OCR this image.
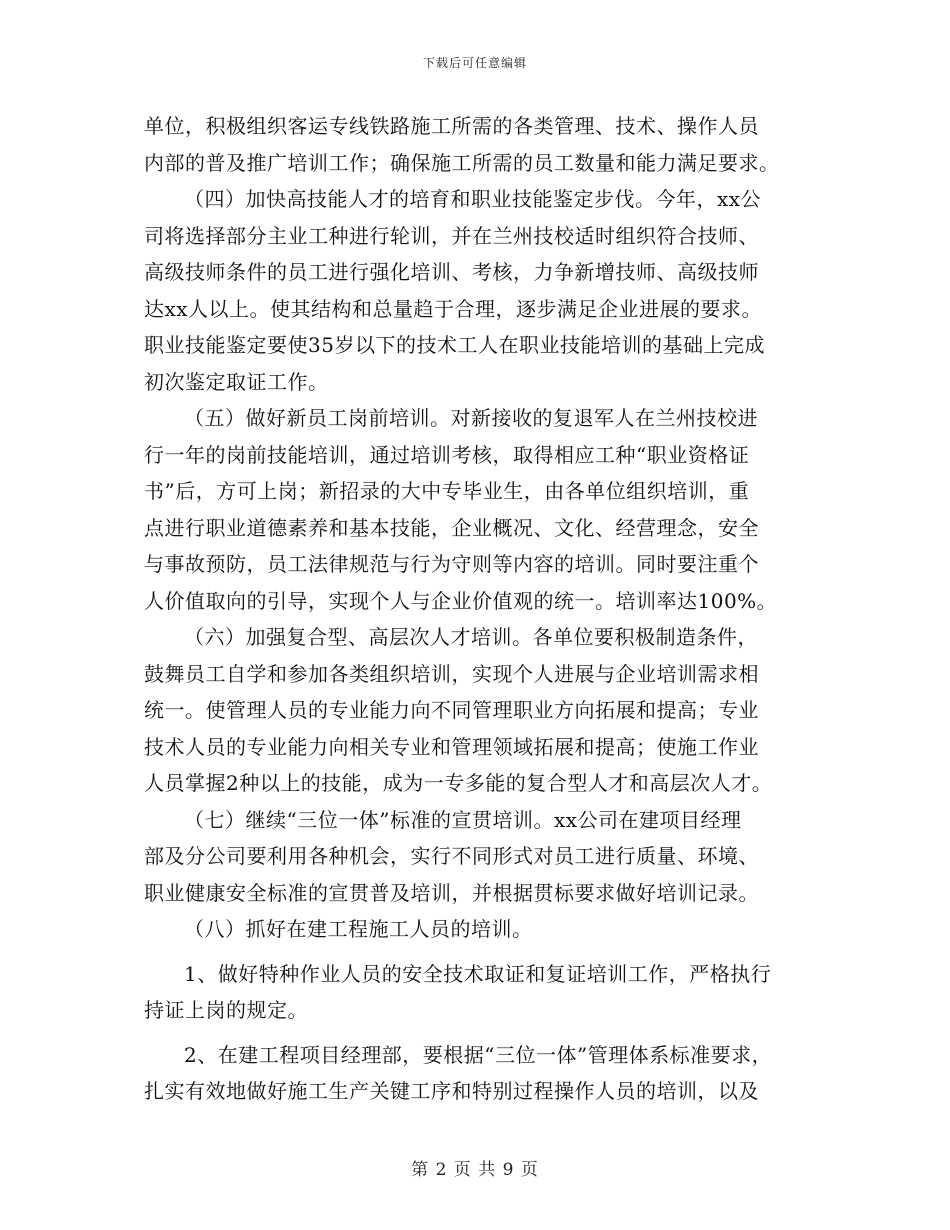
下载后可任意编辑
单位，积极组织客运专线铁路施工所需的各类管理、技术、操作人员
内部的普及推广培训工作；确保施工所需的员工数量和能力满足要求。
（四）加快高技能人才的培育和职业技能鉴定步伐。今年，xx公
司将选择部分主业工种进行轮训，并在兰州技校适时组织符合技师、
高级技师条件的员工进行强化培训、考核，力争新增技师、高级技师
达xx人以上。使其结构和总量趋于合理，逐步满足企业进展的要求。
职业技能鉴定要使35岁以下的技术工人在职业技能培训的基础上完成
初次鉴定取证工作。
（五）做好新员工岗前培训。对新接收的复退军人在兰州技校进
行一年的岗前技能培训，通过培训考核，取得相应工种“职业资格证
书”后，方可上岗；新招录的大中专毕业生，由各单位组织培训，重
点进行职业道德素养和基本技能，企业概况、文化、经营理念，安全
与事故预防，员工法律规范与行为守则等内容的培训。同时要注重个
人价值取向的引导，实现个人与企业价值观的统一。培训率达100%。
（六）加强复合型、高层次人才培训。各单位要积极制造条件，
鼓舞员工自学和参加各类组织培训，实现个人进展与企业培训需求相
统一。使管理人员的专业能力向不同管理职业方向拓展和提高；专业
技术人员的专业能力向相关专业和管理领域拓展和提高；使施工作业
人员掌握2种以上的技能，成为一专多能的复合型人才和高层次人才。
（七）继续“三位一体”标准的宣贯培训。xx公司在建项目经理
部及分公司要利用各种机会，实行不同形式对员工进行质量、环境、
职业健康安全标准的宣贯普及培训，并根据贯标要求做好培训记录。
（八）抓好在建工程施工人员的培训。
1、做好特种作业人员的安全技术取证和复证培训工作，严格执行
持证上岗的规定。
2、在建工程项目经理部，要根据“三位一体”管理体系标准要求，
扎实有效地做好施工生产关键工序和特别过程操作人员的培训，以及
第 2 页 共 9 页
